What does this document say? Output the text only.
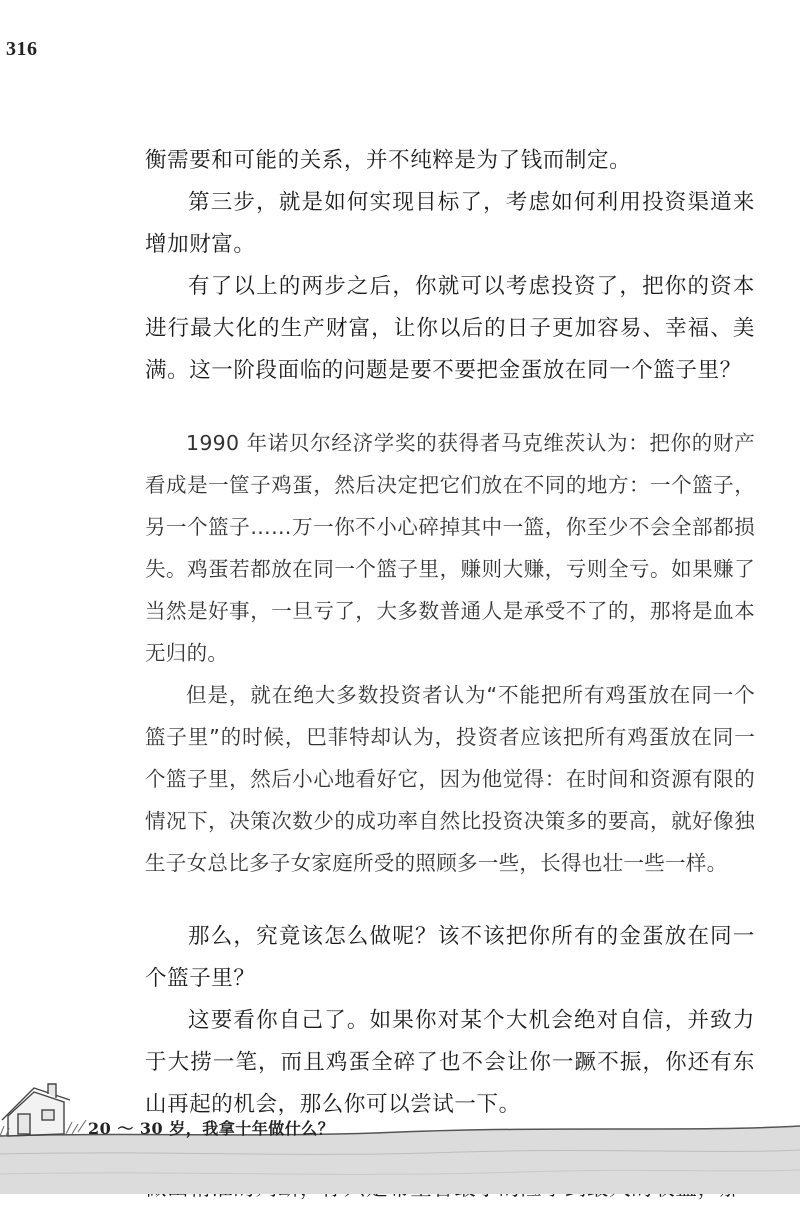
316

衡需要和可能的关系，并不纯粹是为了钱而制定。

第三步，就是如何实现目标了，考虑如何利用投资渠道来增加财富。

有了以上的两步之后，你就可以考虑投资了，把你的资本进行最大化的生产财富，让你以后的日子更加容易、幸福、美满。这一阶段面临的问题是要不要把金蛋放在同一个篮子里？

1990 年诺贝尔经济学奖的获得者马克维茨认为：把你的财产看成是一筐子鸡蛋，然后决定把它们放在不同的地方：一个篮子，另一个篮子……万一你不小心碎掉其中一篮，你至少不会全部都损失。鸡蛋若都放在同一个篮子里，赚则大赚，亏则全亏。如果赚了当然是好事，一旦亏了，大多数普通人是承受不了的，那将是血本无归的。

但是，就在绝大多数投资者认为“不能把所有鸡蛋放在同一个篮子里”的时候，巴菲特却认为，投资者应该把所有鸡蛋放在同一个篮子里，然后小心地看好它，因为他觉得：在时间和资源有限的情况下，决策次数少的成功率自然比投资决策多的要高，就好像独生子女总比多子女家庭所受的照顾多一些，长得也壮一些一样。

那么，究竟该怎么做呢？该不该把你所有的金蛋放在同一个篮子里？

这要看你自己了。如果你对某个大机会绝对自信，并致力于大捞一笔，而且鸡蛋全碎了也不会让你一蹶不振，你还有东山再起的机会，那么你可以尝试一下。

20 ～ 30 岁，我拿十年做什么？
